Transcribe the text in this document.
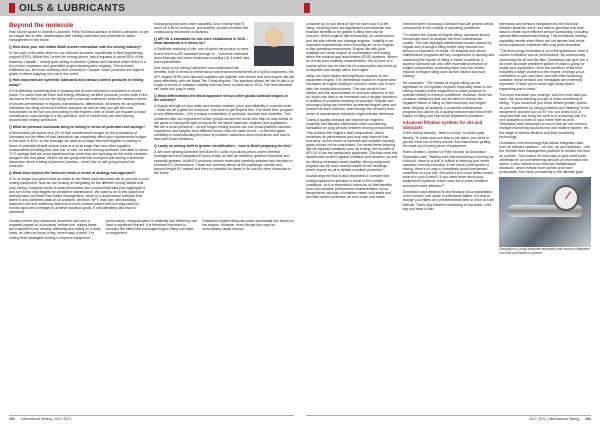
OILS & LUBRICANTS
Beyond the molecule

Paul Moore spoke to Mathieu Lacombe, Field Technical Advisor at Mobil Lubricants, to get an insight into to offer, relationships with mining customers and potential for asset management in the future.

Q How does your role within Mobil involve interaction with the mining industry?

A I am part of the sales team for our lubricant products, specifically in field engineering support (FES). Within this I cover the mining sector, which equates to about 50% of the business I handle – mainly gold mining in western Quebec and Nunavut where there is a lot of mine expansion and greenfield project development ongoing. This includes fulfillment too, the most northerly mine currently in Canada, which produces the highest-grade of diesel shipping iron ore in the world.

Q How important are synthetic lubricants and various control products in mining today?

A It is definitely something that is growing and is more relevant to customers in recent years. For some time we have had energy efficiency certified products, proven both in the lab and in the field, but we are trying now to educate customers what this means in terms of proven performance in regions, transmissions, differentials, drivelines etc as synthetic lubricants can bring enhanced friction reduction as well as help you get the most horsepower for the fuel you are putting in the engines, both of which can equate to major maintenance cost savings in a big operation. And of course they are also helping decarbonise mining operations.

Q What do premium lubricants bring to mining in terms of potential cost savings?

A Most mines will spend only 2% of their maintenance budget on the purchasing of lubricants but the effect of bad lubrication can negatively affect your maintenance budget to the tune of 40%, so the leverage we have as a major lubricant supplier in mining in terms of potential benefit versus costs is a lot stronger than any other supplied consumables including tires and fuel. In fact, on some mining contracts I am able to return TCO savings that are more significant than what they are spending on the entire lubricant budget in the first place. Where we are going with this is beyond just having a technical discussion about it being a premium product – what I like to call going beyond the molecule.

Q What does beyond the molecule mean in terms of strategy and approach?

A To no longer just about what we make in our blend plant and what oils do you put in your mining equipment. Now we are looking at integrating all the different mining assets that your mining company needs to track information and connect that data plus aggregate it and turn it into real insights for predictive maintenance. We want to be in this space and already have our Mobil Serv Asset Management, which is a cloud-based software that takes in and combines data on oil analysis, vibration, NPT, lean-line, serviceability, inspection etc and wellbeing data from a more centred picture but now supported by human input and oversight to achieve business goals. It will ultimately also lead to advanced

exchanging and work order capability. And I mainly think it won't be a lift for everyone, and another solution involves live, continuously monitored oil analysis.

Q API CK-4 standards for oils were established in 2016 – what standards is it driven by?

A Synthetic reducing of oils, one of which the product is more recent and it is API standard through to ... enhance extended drain intervals and lower emissions including CK-4 which was just implemented.

And most of our mining customers now understand the benefits, both in terms of performance and environmental terms of a hybrid customers, the API, engine SERs and lubricant suppliers get together and ensure that new engine oils will work effectively with the latest Tier 4 final engines. The standard allows the oils to last a lot longer in terms of oxidation stability and has been in place since 2016. The next standard will come into play in early.

Q What differentiates the Mobil approach versus other global lubricant majors in the industry?

A Supply strength of your sales and service network, price and reliability to execute order – those are all a given for everyone. You have to get beyond this. The Mobil Serv program is one differentiator – it is a unique combination of products, services and expertise. This combines with our engineered further groups around the world who help us stay ahead of the game in having the right products for the latest machines, engines and regulations. We are a world presence – so the longer mining houses can use cross-platform lubricant experience and insights from different mines. And our track record – in the field gives credibility in understanding the place of problem customers deep experience and how to deal with those situations.

Q Lastly on mining shift to greater electrification – how is Mobil preparing for this?

A We have already launched the Mobil EV suite of products which covers thermal management and integrated E-motor fluids, as well as reduction gearbox lubricants and specialty greases. Mobil EV products contain molecules carefully selected and blended to enhance EV performance. These are currently aimed at the passenger vehicle and second freight EV market and there is potential for these to be used in other industries in the future.

Industry where any unplanned downtime can have a negative impact on a business' bottom line, mining fleets are expected to run reliably, efficiently and safely on a daily basis, as often as hours a day, seven days a week. For mining fleet managers looking to improve equipment

performance, marginal gains in reliability and efficiency can have a significant impact. It is therefore important to consider the effect that prolonged engine idling can have on equipment.

Sustained engine idling can place substantial fuel stress on the engine. However, even though this may not immediately cause serious

102 International Mining | JULY 2021

consume up to four litres of fuel for each hour it is left idling, meaning there are significant environmental and financial benefits to be gained if idling time can be reduced. When engines idle extensively, oil consumption and the side effects can damage engines. Volatility is an important characteristic when choosing an oil for engines in this operating environment. Engine oils with poor volatility can cause engine oil consumption and fouling within the exhaust gas recirculation (EGR) systems. Where an oil has poor volatility characteristics, the oil turns to a vapour which can be seen as oil consumption and build-up of deposits and sludge within the engine.

Idling can have hidden and significant impacts on the equipment engine. The detrimental impact on engine wear increases as engine loading is reduced, which can in turn alter the combustion process. This can result in fuel dilution and the accumulation of soot and moisture in the oil, which can lead to an increased risk of sludge formation, in addition to possible reducing oil viscosity. Regular and prolonged idling can therefore accelerate engine wear and shorten oil drain intervals, even though the vehicle's hour meter or maintenance schedule might indicate otherwise.

"Using a quality lubricant can improve an engine's longevity and standby efficiencies when considering lubrication for long periods between moving components. This protects the engine's vital components, which enhances its performance and may help improve fuel economy, as the choice of lubricant and suitable viscosity grade should not be overlooked. For diesel fleets keeping idle off highway industries such as mining, the benefits of API CK-4 oils are particularly applicable. Oils that meet this specification protect against oxidation and aeration, as well as offering increased shear stability. Mixing equipment engines can be more heavily loaded at the headings, which require an oil to deliver excellent protection."

Sustain improve that is also important to consider that mining equipment operates in some of the coldest conditions, so it is essential to select an oil that benefits from cold weather performance characteristics. A low-temperature viscosity oil enables easier cold starts and provides added protection on and under cold starts.

reviewed when choosing a lubricant that will protect critical components in the coldest of operating conditions.

"To monitor the impact of engine idling, operators should incorporate used oil analysis into their maintenance routine. This can highlight maintenance issues caused by regular and prolonged idling before they become too serious or expensive to repair. Oil analysis and robust maintenance programs are key components in tackling and monitoring the impact of idling in harsh conditions. A superior lubricant can also offer essential protection for engine components, protecting them from the hidden impacts of engine idling such as fuel dilution and soot loading."

He concludes: "The impact of engine idling can be significant for off-highway engines, especially those in the mining industry where equipment is under pressure to operate reliably in extreme conditions. However, there are proactive measures that can be taken to reduce the negative effects of idling on fleet economy and engine wear. Regular oil analysis, a proactive maintenance program and, above all, a quality lubricant can reduce the impact of idling and help avoid unplanned downtime."

Advanced filtration systems for oils and lubricants

In the mining industry, "time is money" is meant quite literally. To make sure you stay in the black, you need to get the most out of every minute. And that means getting the most out of every piece of equipment.

Robin Zealiem, Director of Filter Monitor at Donaldson Hydraulics said: "Making sure that everything is running as it should, down to a bolt, is critical in keeping your entire operation running smoothly. In the harsh environment of mining, there's no way to completely avoid unexpected downtime on a job site. But what if you could better control what is in your control? If you knew more about your equipment's systems, which ones are in peak condition and which need attention?"

Donaldson says filtration is key because oil contamination is the number one cause of premature failure. It's best to change your filters at a predetermined time or once at a set interval. That's why filtration monitoring is important. Let's say you have a filter

telematics and sensors integrated into the fluid and filtration systems, we're now able to generate real-time data to create more efficient service scheduling, including optimal filter replacement timing. This minimises running capability results when filters are not needed and helps avoid unplanned downtime with long parts downtime.

"The technology eliminates a lot of the guesswork when it comes to filtration and oil performance. By continuously monitoring the oil and the filter, Donaldson can give you a far more accurate predictive picture of what is going on inside your equipment. Once the condition of the fluid indicates a larger problem in the engine, it brings you a notification so you can react, and with that monitoring software, those sensors and messages are extremely important, it helps you to know right away what's happening and to react."

The more transition you undergo, and the more data you have, the more warning you get of when something is failing. "If you know that you could deliver greater uptime on your equipment by being proactive and 'listening' to the equipment, wouldn't you do it? You can avoid a lot of surprises that can bring the work to a crunching halt. It's now possible to listen to your entire fleet at once. Telematics have advanced so much that we can connect multiple monitoring solutions into one intuitive system. It's the stage of tireless filtration and fluid monitoring technology."

Donaldson now technology that allows integrated data from all relevant systems – oil, fuel, air and hydraulic – into the Sen5ah fleet management platform to monitor the fleet as a whole. This means it's now easy to spot what could otherwise be an overwhelming amount of information into action. It also means more informed maintenance decisions, which means more uptime and more productivity. And more productivity is the ultimate goal.

Donaldson is using advanced telematics and sensors integrated into fluid and filtration systems
JULY 2021 | International Mining 103
